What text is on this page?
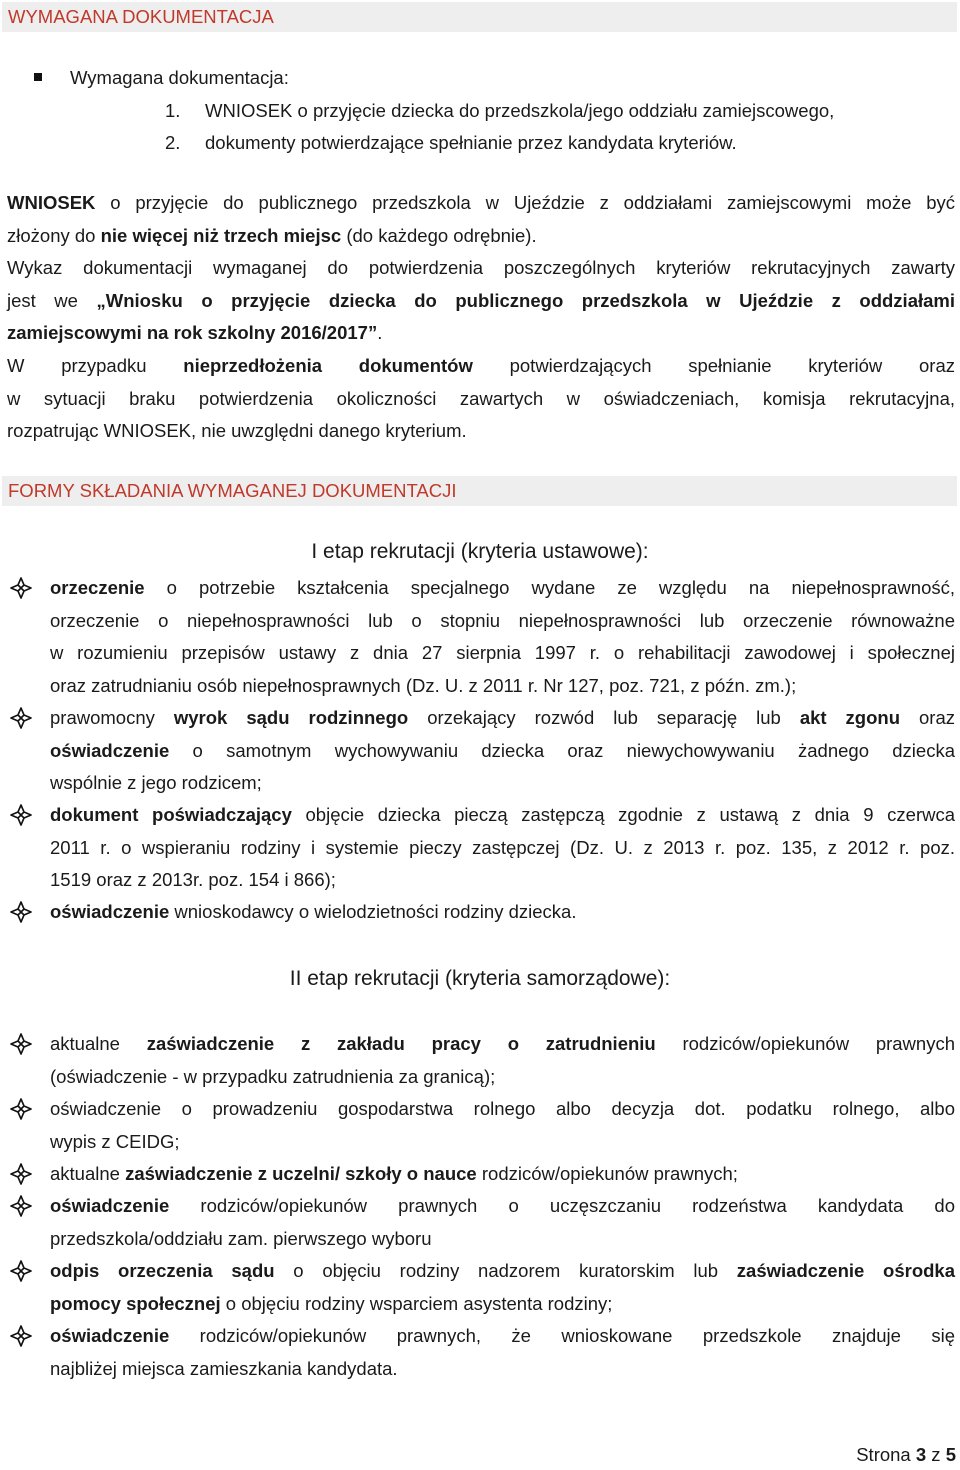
WYMAGANA DOKUMENTACJA
Wymagana dokumentacja:
1. WNIOSEK o przyjęcie dziecka do przedszkola/jego oddziału zamiejscowego,
2. dokumenty potwierdzające spełnianie przez kandydata kryteriów.
WNIOSEK o przyjęcie do publicznego przedszkola w Ujeździe z oddziałami zamiejscowymi może być
złożony do nie więcej niż trzech miejsc (do każdego odrębnie).
Wykaz dokumentacji wymaganej do potwierdzenia poszczególnych kryteriów rekrutacyjnych zawarty
jest we „Wniosku o przyjęcie dziecka do publicznego przedszkola w Ujeździe z oddziałami
zamiejscowymi na rok szkolny 2016/2017”.
W przypadku nieprzedłożenia dokumentów potwierdzających spełnianie kryteriów oraz
w sytuacji braku potwierdzenia okoliczności zawartych w oświadczeniach, komisja rekrutacyjna,
rozpatrując WNIOSEK, nie uwzględni danego kryterium.
FORMY SKŁADANIA WYMAGANEJ DOKUMENTACJI
I etap rekrutacji (kryteria ustawowe):
orzeczenie o potrzebie kształcenia specjalnego wydane ze względu na niepełnosprawność,
orzeczenie o niepełnosprawności lub o stopniu niepełnosprawności lub orzeczenie równoważne
w rozumieniu przepisów ustawy z dnia 27 sierpnia 1997 r. o rehabilitacji zawodowej i społecznej
oraz zatrudnianiu osób niepełnosprawnych (Dz. U. z 2011 r. Nr 127, poz. 721, z późn. zm.);
prawomocny wyrok sądu rodzinnego orzekający rozwód lub separację lub akt zgonu oraz
oświadczenie o samotnym wychowywaniu dziecka oraz niewychowywaniu żadnego dziecka
wspólnie z jego rodzicem;
dokument poświadczający objęcie dziecka pieczą zastępczą zgodnie z ustawą z dnia 9 czerwca
2011 r. o wspieraniu rodziny i systemie pieczy zastępczej (Dz. U. z 2013 r. poz. 135, z 2012 r. poz.
1519 oraz z 2013r. poz. 154 i 866);
oświadczenie wnioskodawcy o wielodzietności rodziny dziecka.
II etap rekrutacji (kryteria samorządowe):
aktualne zaświadczenie z zakładu pracy o zatrudnieniu rodziców/opiekunów prawnych
(oświadczenie - w przypadku zatrudnienia za granicą);
oświadczenie o prowadzeniu gospodarstwa rolnego albo decyzja dot. podatku rolnego, albo
wypis z CEIDG;
aktualne zaświadczenie z uczelni/ szkoły o nauce rodziców/opiekunów prawnych;
oświadczenie rodziców/opiekunów prawnych o uczęszczaniu rodzeństwa kandydata do
przedszkola/oddziału zam. pierwszego wyboru
odpis orzeczenia sądu o objęciu rodziny nadzorem kuratorskim lub zaświadczenie ośrodka
pomocy społecznej o objęciu rodziny wsparciem asystenta rodziny;
oświadczenie rodziców/opiekunów prawnych, że wnioskowane przedszkole znajduje się
najbliżej miejsca zamieszkania kandydata.
Strona 3 z 5
